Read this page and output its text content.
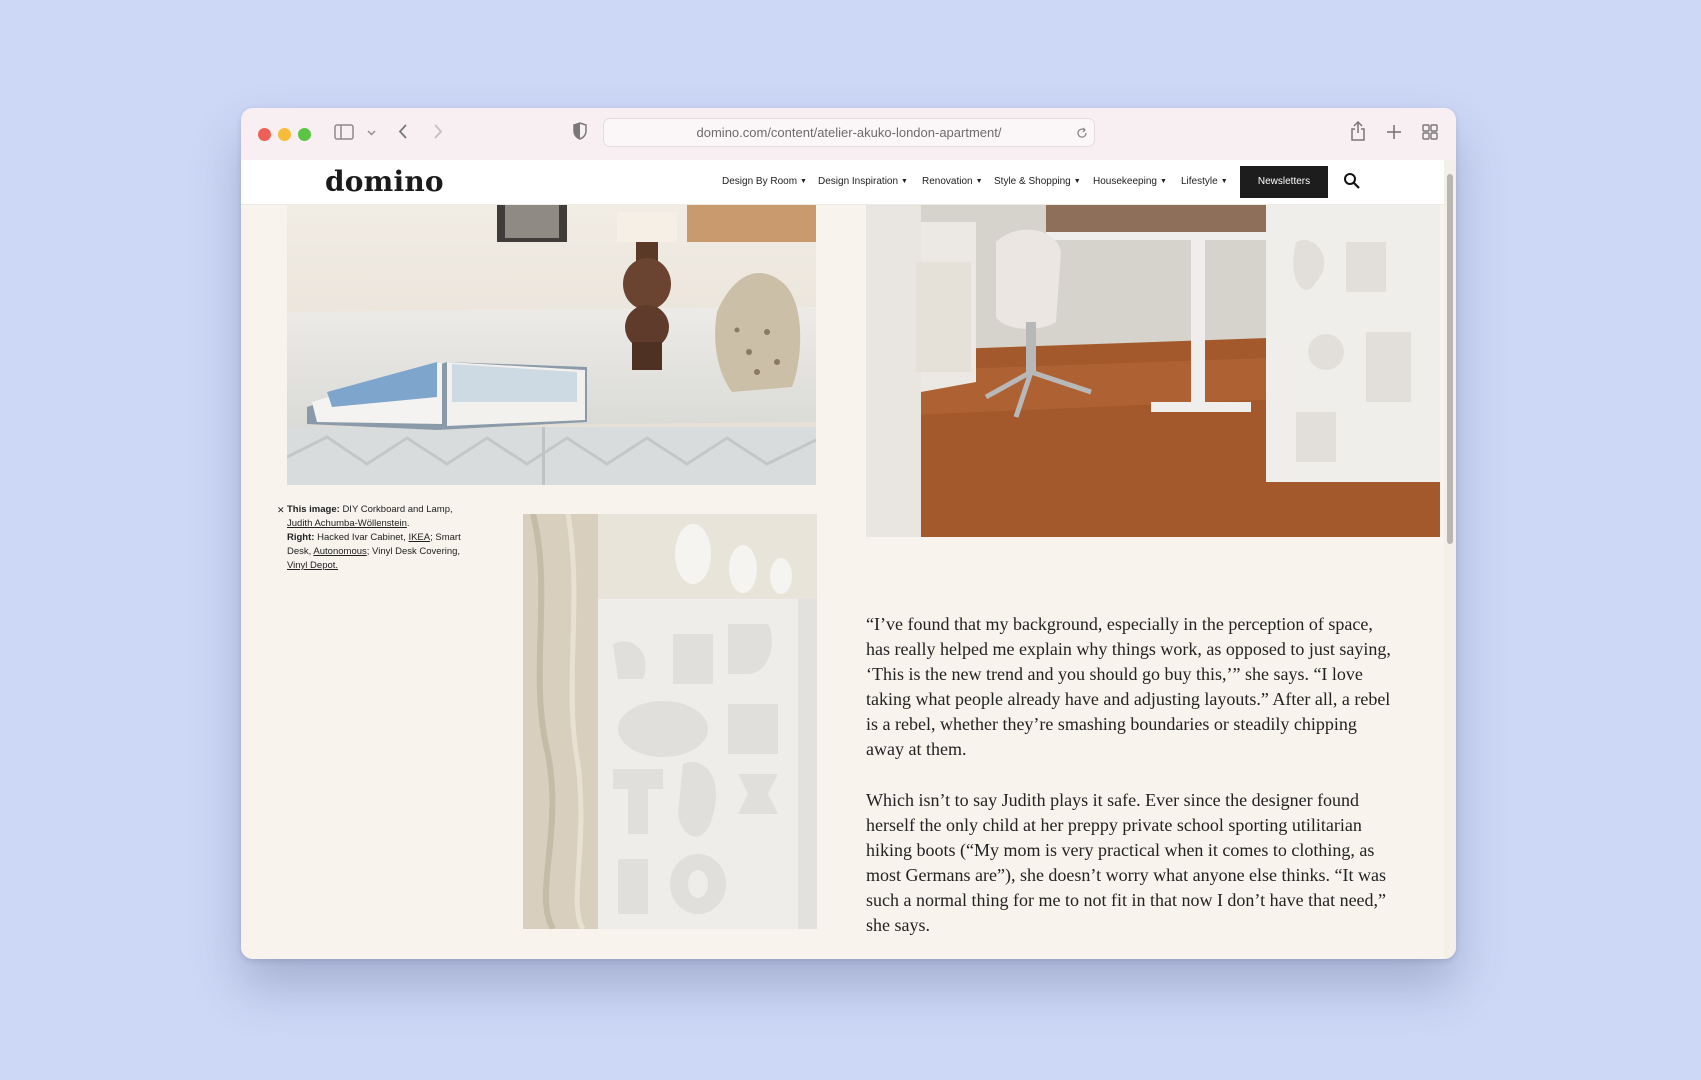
domino.com/content/atelier-akuko-london-apartment/
✕ This image: DIY Corkboard and Lamp,
Judith Achumba-Wöllenstein.
Right: Hacked Ivar Cabinet, IKEA; Smart Desk, Autonomous; Vinyl Desk Covering,
Vinyl Depot.

“I’ve found that my background, especially in the perception of space, has really helped me explain why things work, as opposed to just saying, ‘This is the new trend and you should go buy this,’” she says. “I love taking what people already have and adjusting layouts.” After all, a rebel is a rebel, whether they’re smashing boundaries or steadily chipping away at them.

Which isn’t to say Judith plays it safe. Ever since the designer found herself the only child at her preppy private school sporting utilitarian hiking boots (“My mom is very practical when it comes to clothing, as most Germans are”), she doesn’t worry what anyone else thinks. “It was such a normal thing for me to not fit in that now I don’t have that need,” she says.

domino	Design By Room ▼ Design Inspiration ▼ Renovation ▼ Style & Shopping ▼ Housekeeping ▼ Lifestyle ▼	Newsletters
